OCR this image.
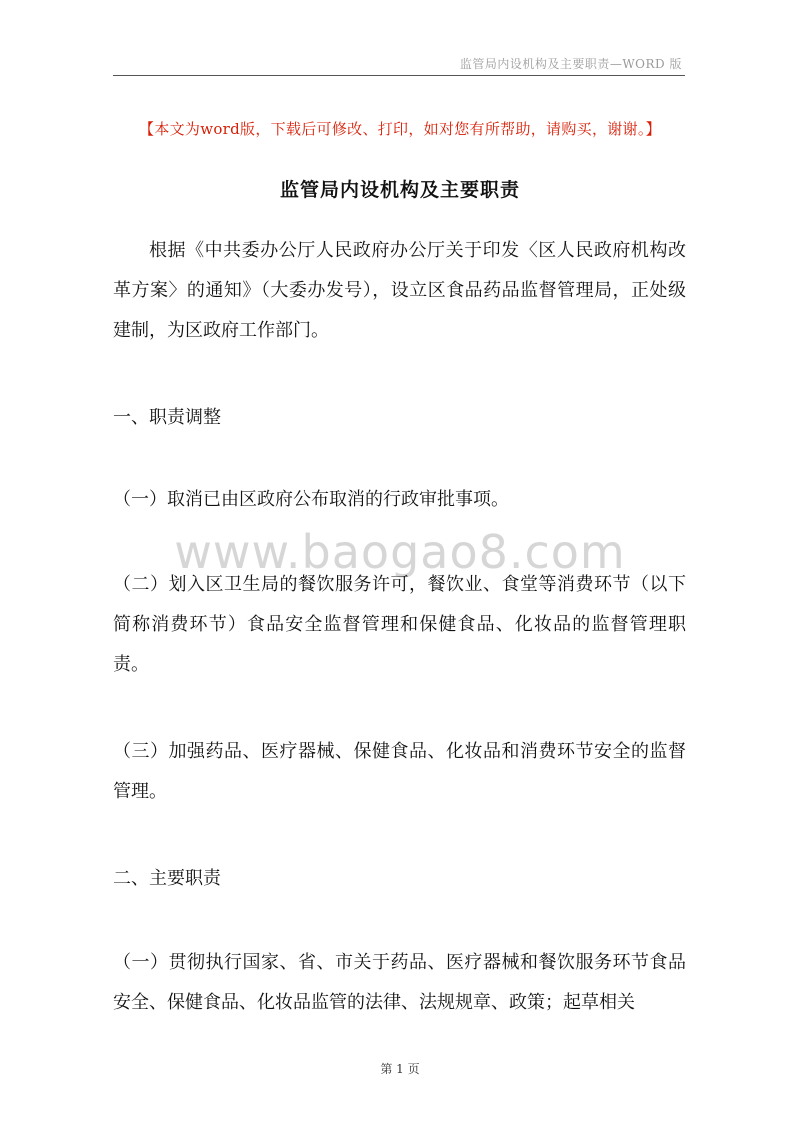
监管局内设机构及主要职责—WORD 版
【本文为word版，下载后可修改、打印，如对您有所帮助，请购买，谢谢。】
监管局内设机构及主要职责

根据《中共委办公厅人民政府办公厅关于印发〈区人民政府机构改革方案〉的通知》（大委办发号），设立区食品药品监督管理局，正处级建制，为区政府工作部门。

一、职责调整

（一）取消已由区政府公布取消的行政审批事项。

www.baogao8.com

（二）划入区卫生局的餐饮服务许可，餐饮业、食堂等消费环节（以下简称消费环节）食品安全监督管理和保健食品、化妆品的监督管理职责。

（三）加强药品、医疗器械、保健食品、化妆品和消费环节安全的监督管理。

二、主要职责

（一）贯彻执行国家、省、市关于药品、医疗器械和餐饮服务环节食品安全、保健食品、化妆品监管的法律、法规规章、政策；起草相关

第 1 页
